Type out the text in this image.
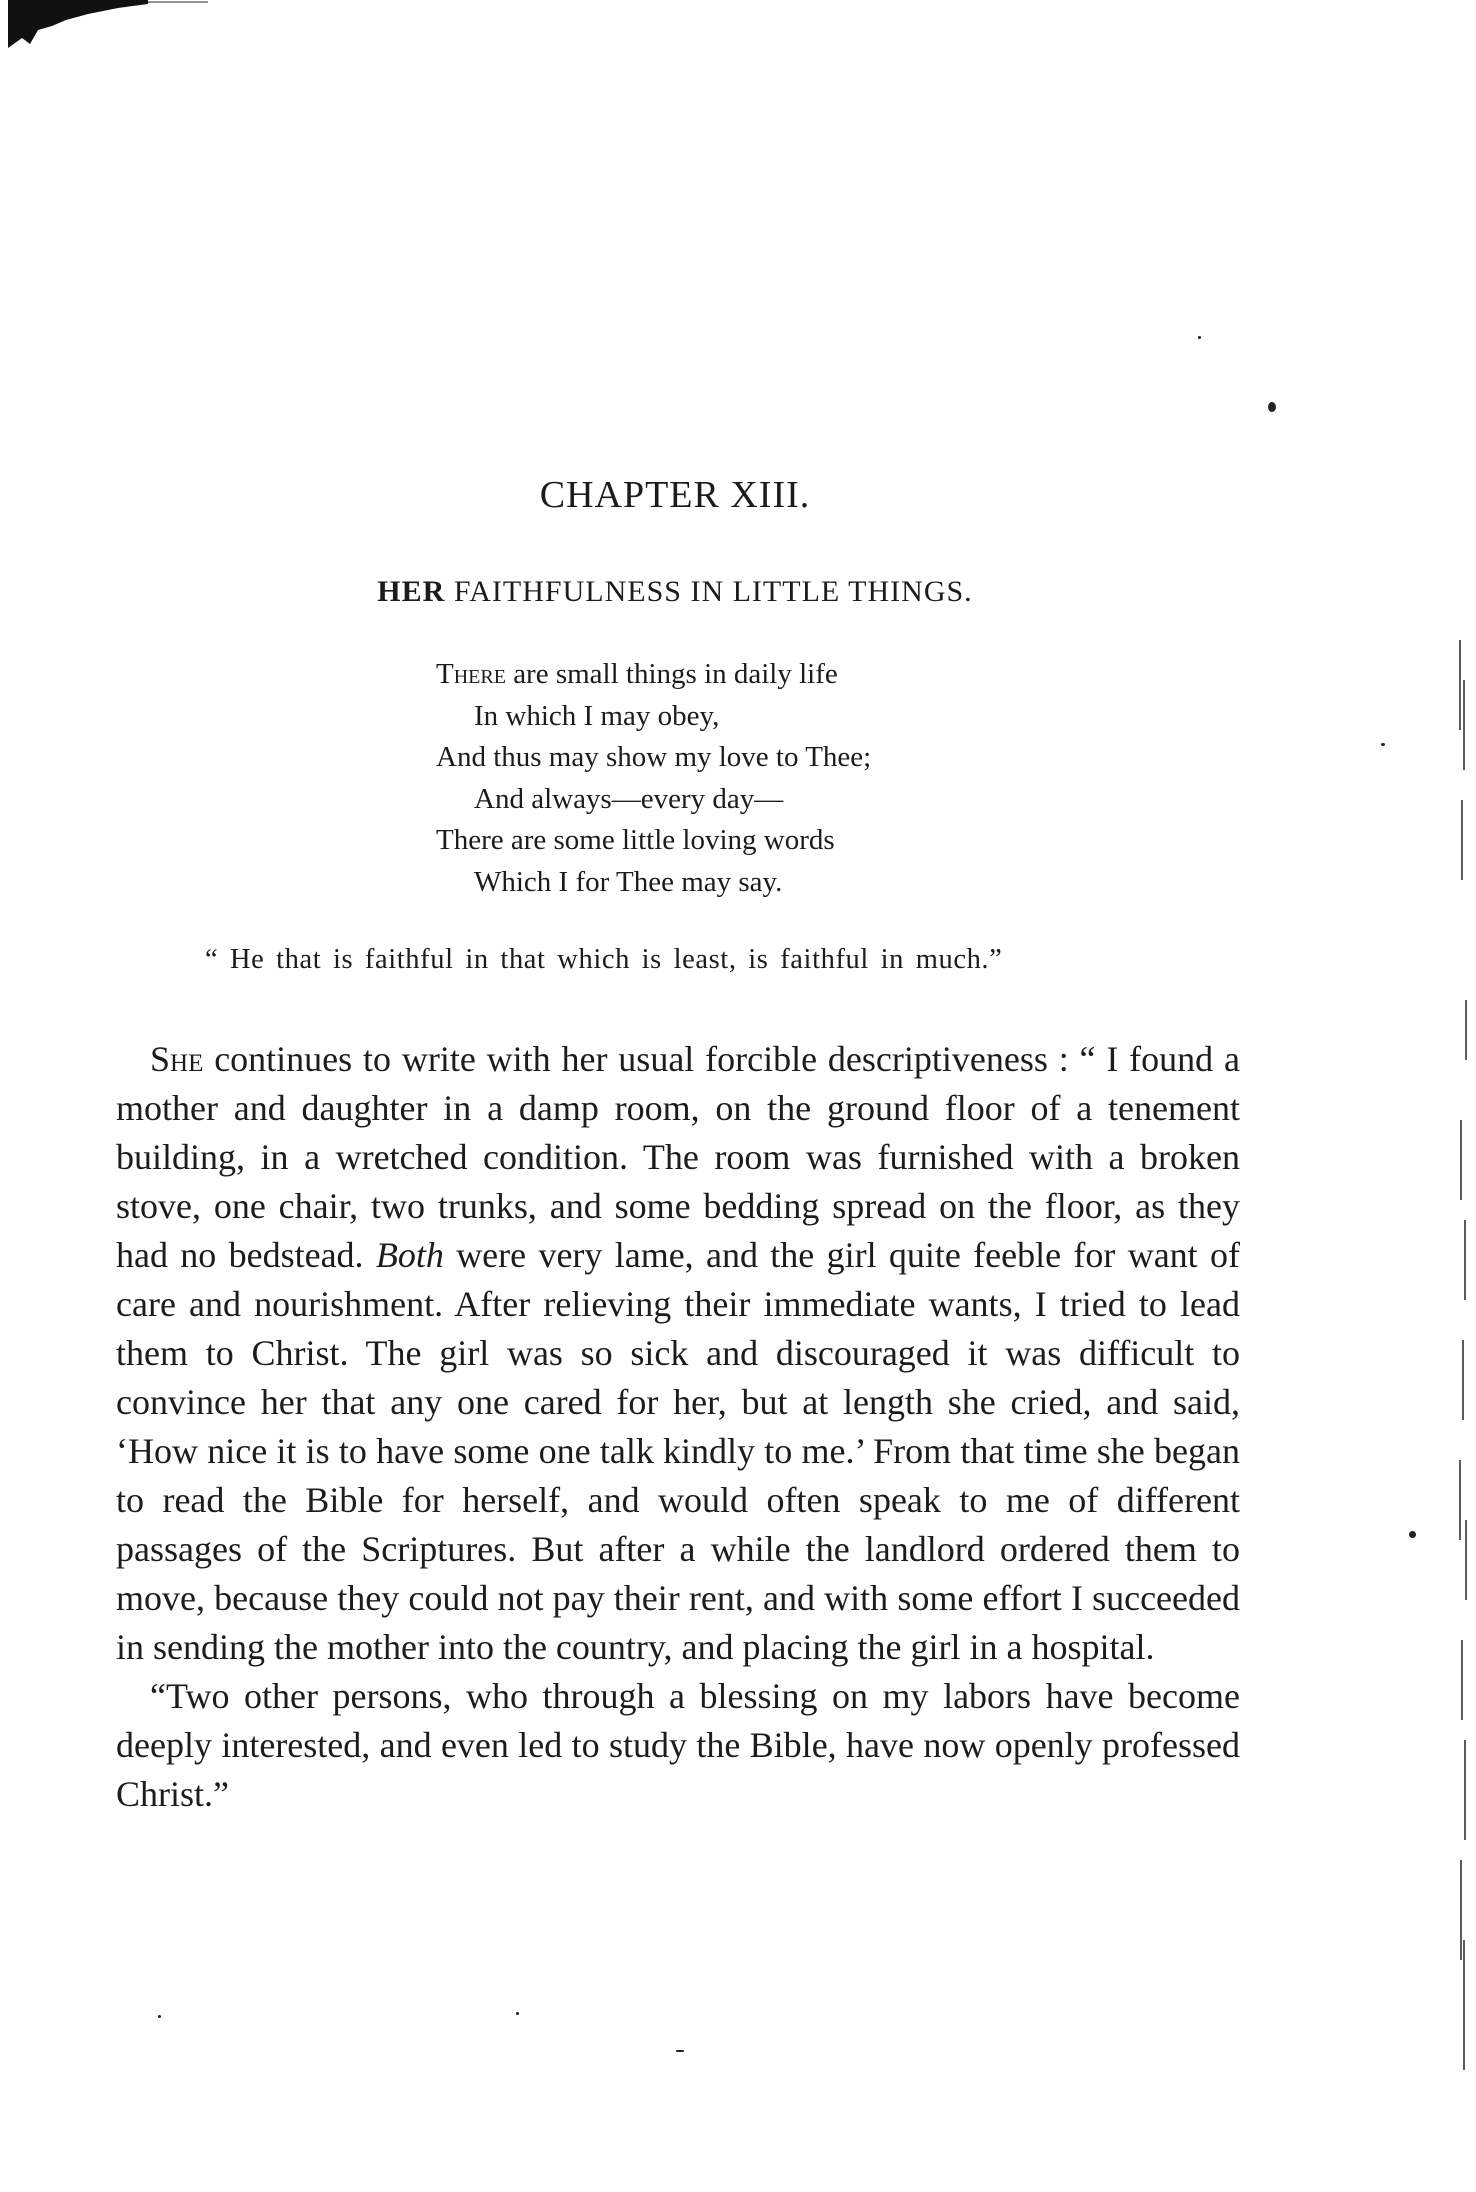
CHAPTER XIII.
HER FAITHFULNESS IN LITTLE THINGS.
There are small things in daily life
In which I may obey,
And thus may show my love to Thee;
And always—every day—
There are some little loving words
Which I for Thee may say.
“ He that is faithful in that which is least, is faithful in much.”

She continues to write with her usual forcible descriptiveness : “ I found a mother and daughter in a damp room, on the ground floor of a tenement building, in a wretched condition. The room was furnished with a broken stove, one chair, two trunks, and some bedding spread on the floor, as they had no bedstead. Both were very lame, and the girl quite feeble for want of care and nourishment. After relieving their immediate wants, I tried to lead them to Christ. The girl was so sick and discouraged it was difficult to convince her that any one cared for her, but at length she cried, and said, ‘How nice it is to have some one talk kindly to me.’ From that time she began to read the Bible for herself, and would often speak to me of different passages of the Scriptures. But after a while the landlord ordered them to move, because they could not pay their rent, and with some effort I succeeded in sending the mother into the country, and placing the girl in a hospital.

“Two other persons, who through a blessing on my labors have become deeply interested, and even led to study the Bible, have now openly professed Christ.”
